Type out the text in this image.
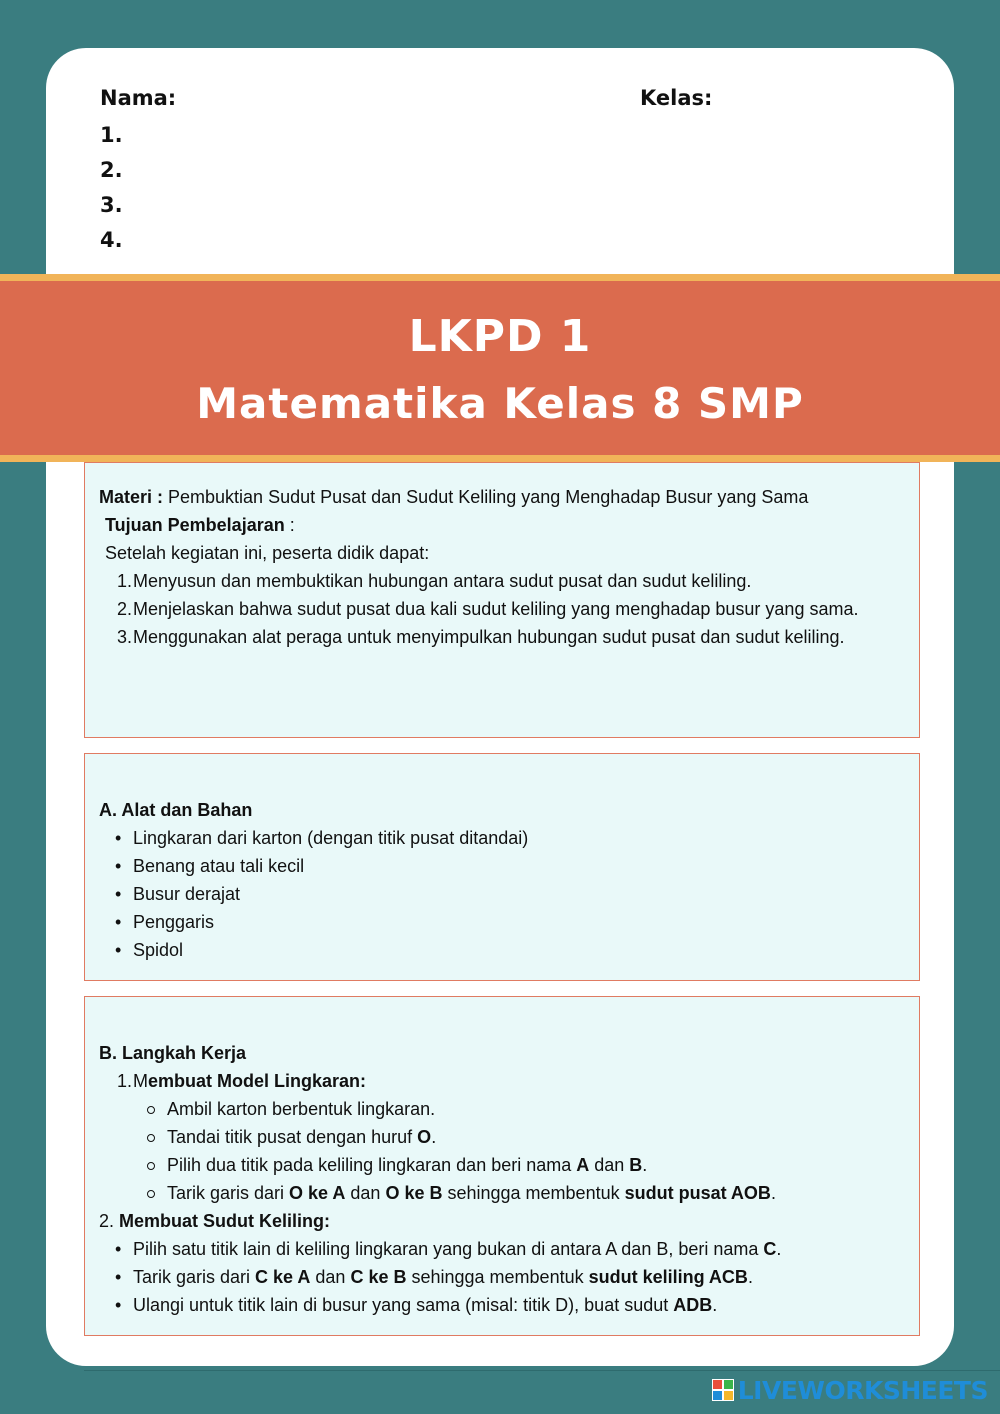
Nama:	Kelas:
1.
2.
3.
4.
LKPD 1
Matematika Kelas 8 SMP
Materi : Pembuktian Sudut Pusat dan Sudut Keliling yang Menghadap Busur yang Sama
Tujuan Pembelajaran :
Setelah kegiatan ini, peserta didik dapat:
1. Menyusun dan membuktikan hubungan antara sudut pusat dan sudut keliling.
2. Menjelaskan bahwa sudut pusat dua kali sudut keliling yang menghadap busur yang sama.
3. Menggunakan alat peraga untuk menyimpulkan hubungan sudut pusat dan sudut keliling.
A. Alat dan Bahan
• Lingkaran dari karton (dengan titik pusat ditandai)
• Benang atau tali kecil
• Busur derajat
• Penggaris
• Spidol
B. Langkah Kerja
1. Membuat Model Lingkaran:
Ambil karton berbentuk lingkaran.
Tandai titik pusat dengan huruf O.
Pilih dua titik pada keliling lingkaran dan beri nama A dan B.
Tarik garis dari O ke A dan O ke B sehingga membentuk sudut pusat AOB.
2. Membuat Sudut Keliling:
• Pilih satu titik lain di keliling lingkaran yang bukan di antara A dan B, beri nama C.
• Tarik garis dari C ke A dan C ke B sehingga membentuk sudut keliling ACB.
• Ulangi untuk titik lain di busur yang sama (misal: titik D), buat sudut ADB.
LIVEWORKSHEETS
